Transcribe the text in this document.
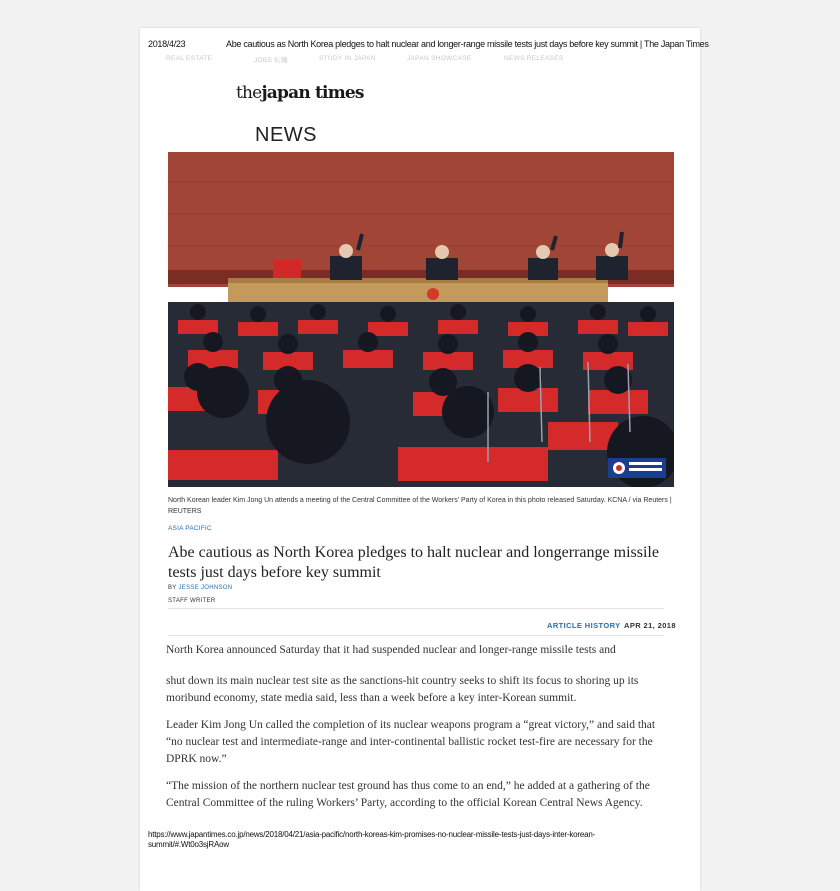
2018/4/23	Abe cautious as North Korea pledges to halt nuclear and longer-range missile tests just days before key summit | The Japan Times
REAL ESTATE	JOBS 転職	STUDY IN JAPAN	JAPAN SHOWCASE	NEWS RELEASES
thejapan times
NEWS
North Korean leader Kim Jong Un attends a meeting of the Central Committee of the Workers' Party of Korea in this photo released Saturday. KCNA / via Reuters | REUTERS
ASIA PACIFIC
Abe cautious as North Korea pledges to halt nuclear and longerrange missile tests just days before key summit
BY JESSE JOHNSON
STAFF WRITER
ARTICLE HISTORY APR 21, 2018
North Korea announced Saturday that it had suspended nuclear and longer-range missile tests and
shut down its main nuclear test site as the sanctions-hit country seeks to shift its focus to shoring up its moribund economy, state media said, less than a week before a key inter-Korean summit.
Leader Kim Jong Un called the completion of its nuclear weapons program a “great victory,” and said that “no nuclear test and intermediate-range and inter-continental ballistic rocket test-fire are necessary for the DPRK now.”
“The mission of the northern nuclear test ground has thus come to an end,” he added at a gathering of the Central Committee of the ruling Workers’ Party, according to the official Korean Central News Agency.
https://www.japantimes.co.jp/news/2018/04/21/asia-pacific/north-koreas-kim-promises-no-nuclear-missile-tests-just-days-inter-korean-summit/#.Wt0o3sjRAow
